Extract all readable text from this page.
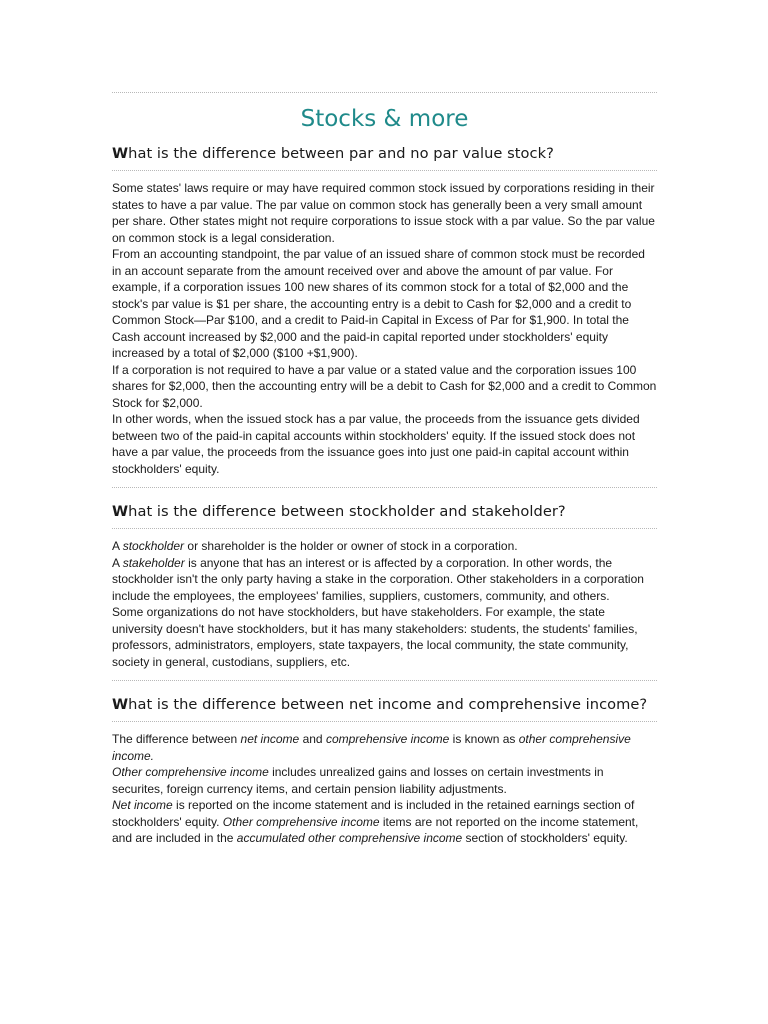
Stocks & more
What is the difference between par and no par value stock?

Some states' laws require or may have required common stock issued by corporations residing in their states to have a par value. The par value on common stock has generally been a very small amount per share. Other states might not require corporations to issue stock with a par value. So the par value on common stock is a legal consideration.

From an accounting standpoint, the par value of an issued share of common stock must be recorded in an account separate from the amount received over and above the amount of par value. For example, if a corporation issues 100 new shares of its common stock for a total of $2,000 and the stock's par value is $1 per share, the accounting entry is a debit to Cash for $2,000 and a credit to Common Stock—Par $100, and a credit to Paid-in Capital in Excess of Par for $1,900. In total the Cash account increased by $2,000 and the paid-in capital reported under stockholders' equity increased by a total of $2,000 ($100 +$1,900).

If a corporation is not required to have a par value or a stated value and the corporation issues 100 shares for $2,000, then the accounting entry will be a debit to Cash for $2,000 and a credit to Common Stock for $2,000.

In other words, when the issued stock has a par value, the proceeds from the issuance gets divided between two of the paid-in capital accounts within stockholders' equity. If the issued stock does not have a par value, the proceeds from the issuance goes into just one paid-in capital account within stockholders' equity.

What is the difference between stockholder and stakeholder?

A stockholder or shareholder is the holder or owner of stock in a corporation.

A stakeholder is anyone that has an interest or is affected by a corporation. In other words, the stockholder isn't the only party having a stake in the corporation. Other stakeholders in a corporation include the employees, the employees' families, suppliers, customers, community, and others.

Some organizations do not have stockholders, but have stakeholders. For example, the state university doesn't have stockholders, but it has many stakeholders: students, the students' families, professors, administrators, employers, state taxpayers, the local community, the state community, society in general, custodians, suppliers, etc.

What is the difference between net income and comprehensive income?

The difference between net income and comprehensive income is known as other comprehensive income.

Other comprehensive income includes unrealized gains and losses on certain investments in securites, foreign currency items, and certain pension liability adjustments.

Net income is reported on the income statement and is included in the retained earnings section of stockholders' equity. Other comprehensive income items are not reported on the income statement, and are included in the accumulated other comprehensive income section of stockholders' equity.
